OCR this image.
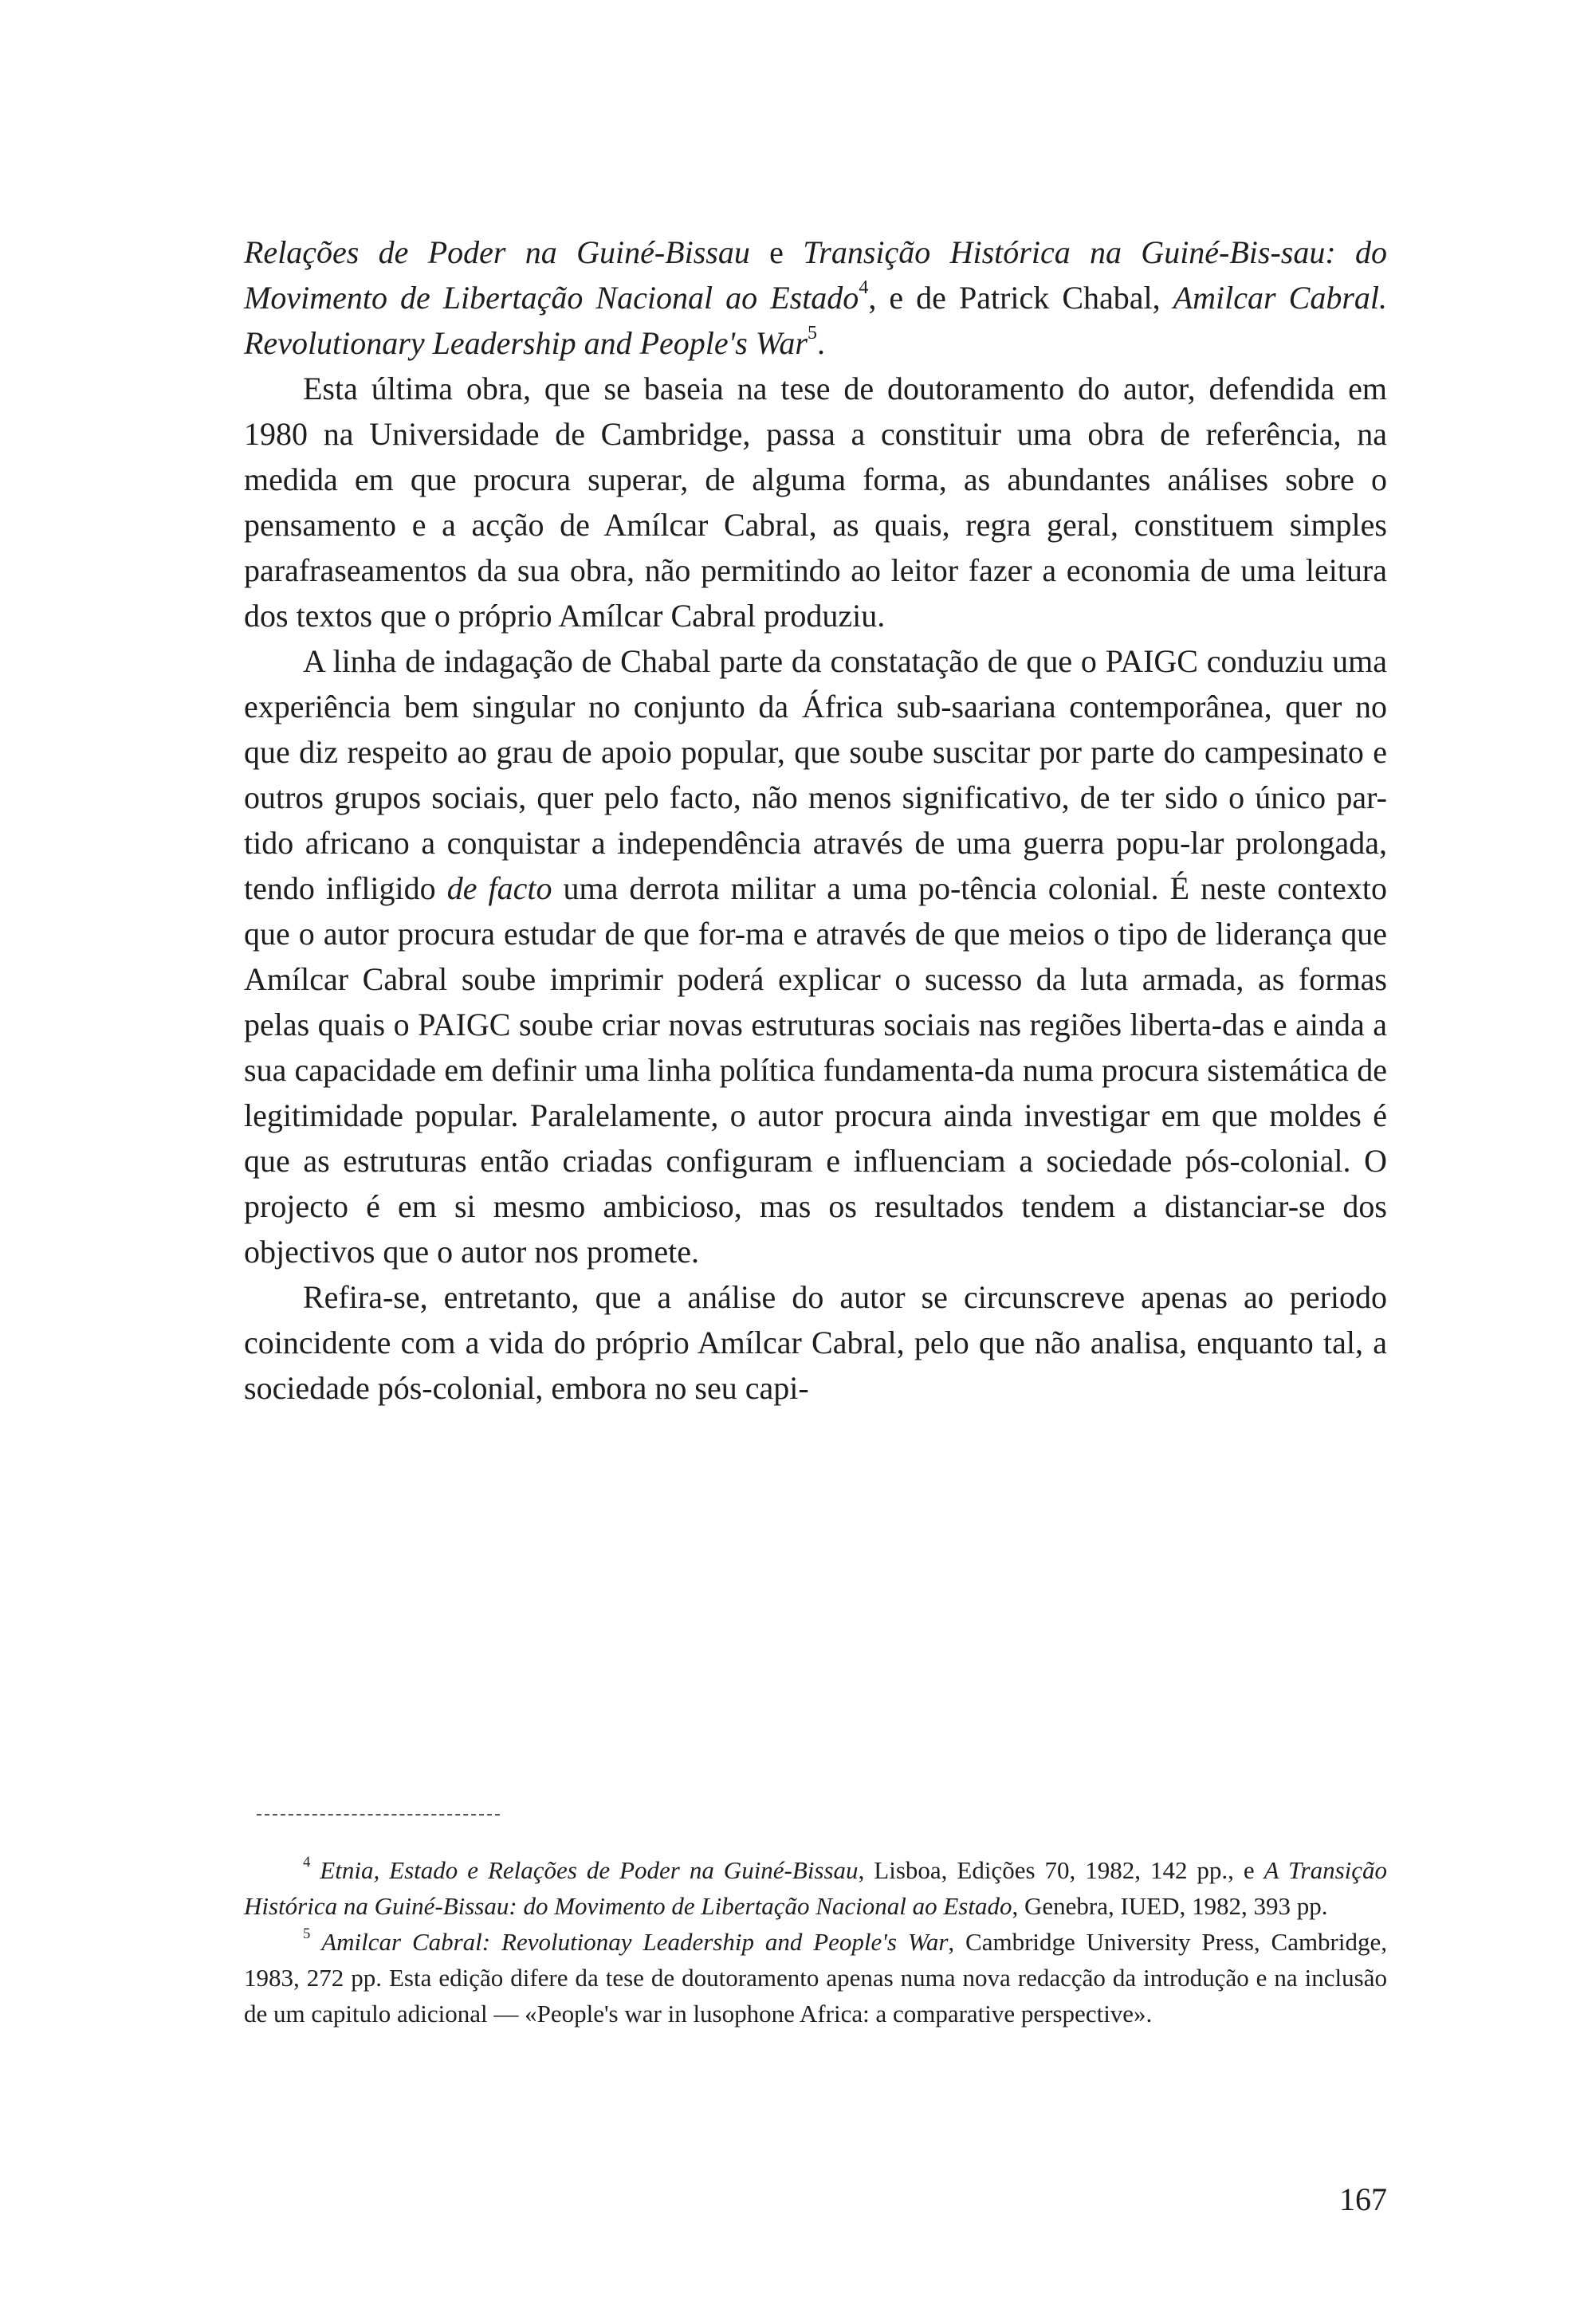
Relações de Poder na Guiné-Bissau e Transição Histórica na Guiné-Bis-sau: do Movimento de Libertação Nacional ao Estado$^4$, e de Patrick Chabal, Amilcar Cabral. Revolutionary Leadership and People's War$^5$.

Esta última obra, que se baseia na tese de doutoramento do autor, defendida em 1980 na Universidade de Cambridge, passa a constituir uma obra de referência, na medida em que procura superar, de alguma forma, as abundantes análises sobre o pensamento e a acção de Amílcar Cabral, as quais, regra geral, constituem simples parafraseamentos da sua obra, não permitindo ao leitor fazer a economia de uma leitura dos textos que o próprio Amílcar Cabral produziu.

A linha de indagação de Chabal parte da constatação de que o PAIGC conduziu uma experiência bem singular no conjunto da África sub-saariana contemporânea, quer no que diz respeito ao grau de apoio popular, que soube suscitar por parte do campesinato e outros grupos sociais, quer pelo facto, não menos significativo, de ter sido o único par-tido africano a conquistar a independência através de uma guerra popu-lar prolongada, tendo infligido de facto uma derrota militar a uma po-tência colonial. É neste contexto que o autor procura estudar de que for-ma e através de que meios o tipo de liderança que Amílcar Cabral soube imprimir poderá explicar o sucesso da luta armada, as formas pelas quais o PAIGC soube criar novas estruturas sociais nas regiões liberta-das e ainda a sua capacidade em definir uma linha política fundamenta-da numa procura sistemática de legitimidade popular. Paralelamente, o autor procura ainda investigar em que moldes é que as estruturas então criadas configuram e influenciam a sociedade pós-colonial. O projecto é em si mesmo ambicioso, mas os resultados tendem a distanciar-se dos objectivos que o autor nos promete.

Refira-se, entretanto, que a análise do autor se circunscreve apenas ao periodo coincidente com a vida do próprio Amílcar Cabral, pelo que não analisa, enquanto tal, a sociedade pós-colonial, embora no seu capi-

$^4$ Etnia, Estado e Relações de Poder na Guiné-Bissau, Lisboa, Edições 70, 1982, 142 pp., e A Transição Histórica na Guiné-Bissau: do Movimento de Libertação Nacional ao Estado, Genebra, IUED, 1982, 393 pp.

$^5$ Amilcar Cabral: Revolutionay Leadership and People's War, Cambridge University Press, Cambridge, 1983, 272 pp. Esta edição difere da tese de doutoramento apenas numa nova redacção da introdução e na inclusão de um capitulo adicional — «People's war in lusophone Africa: a comparative perspective».

167
